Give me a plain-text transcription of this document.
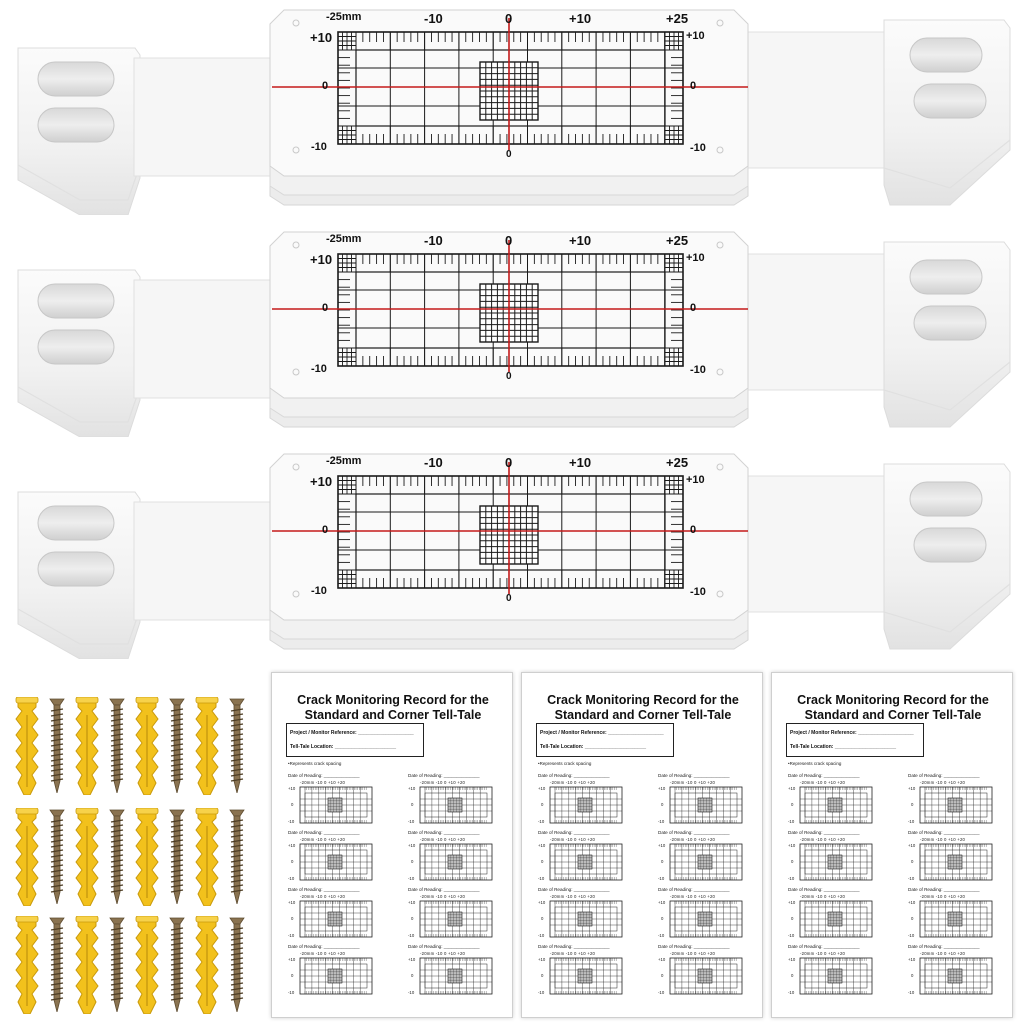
-25mm	-10	0	+10	+25
+10
0
-10
+10
0
-10
0
-25mm	-10	0	+10	+25
+10
0
-10
+10
0
-10
0
-25mm	-10	0	+10	+25
+10
0
-10
+10
0
-10
0
Crack Monitoring Record for the
Standard and Corner Tell-Tale
Project / Monitor Reference: ____________________
Tell-Tale Location: ______________________
•Represents crack spacing
Date of Reading: ______________
-20mm -10 0 +10 +20
+10
0
-10
Date of Reading: ______________
-20mm -10 0 +10 +20
+10
0
-10
Date of Reading: ______________
-20mm -10 0 +10 +20
+10
0
-10
Date of Reading: ______________
-20mm -10 0 +10 +20
+10
0
-10
Date of Reading: ______________
-20mm -10 0 +10 +20
+10
0
-10
Date of Reading: ______________
-20mm -10 0 +10 +20
+10
0
-10
Date of Reading: ______________
-20mm -10 0 +10 +20
+10
0
-10
Date of Reading: ______________
-20mm -10 0 +10 +20
+10
0
-10
Crack Monitoring Record for the
Standard and Corner Tell-Tale
Project / Monitor Reference: ____________________
Tell-Tale Location: ______________________
•Represents crack spacing
Date of Reading: ______________
-20mm -10 0 +10 +20
+10
0
-10
Date of Reading: ______________
-20mm -10 0 +10 +20
+10
0
-10
Date of Reading: ______________
-20mm -10 0 +10 +20
+10
0
-10
Date of Reading: ______________
-20mm -10 0 +10 +20
+10
0
-10
Date of Reading: ______________
-20mm -10 0 +10 +20
+10
0
-10
Date of Reading: ______________
-20mm -10 0 +10 +20
+10
0
-10
Date of Reading: ______________
-20mm -10 0 +10 +20
+10
0
-10
Date of Reading: ______________
-20mm -10 0 +10 +20
+10
0
-10
Crack Monitoring Record for the
Standard and Corner Tell-Tale
Project / Monitor Reference: ____________________
Tell-Tale Location: ______________________
•Represents crack spacing
Date of Reading: ______________
-20mm -10 0 +10 +20
+10
0
-10
Date of Reading: ______________
-20mm -10 0 +10 +20
+10
0
-10
Date of Reading: ______________
-20mm -10 0 +10 +20
+10
0
-10
Date of Reading: ______________
-20mm -10 0 +10 +20
+10
0
-10
Date of Reading: ______________
-20mm -10 0 +10 +20
+10
0
-10
Date of Reading: ______________
-20mm -10 0 +10 +20
+10
0
-10
Date of Reading: ______________
-20mm -10 0 +10 +20
+10
0
-10
Date of Reading: ______________
-20mm -10 0 +10 +20
+10
0
-10
